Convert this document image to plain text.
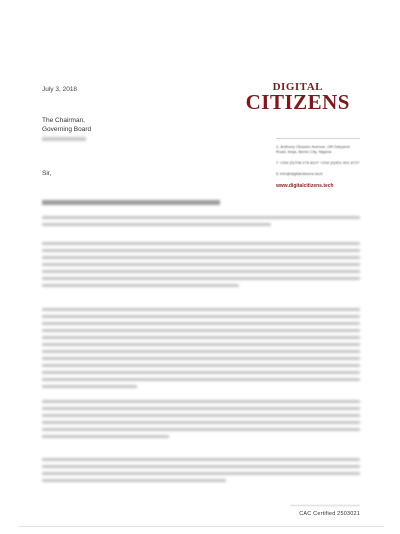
July 3, 2018
The Chairman,
Governing Board
Sir,
DIGITAL
CITIZENS
2, Anthony Oluseko Avenue, Off Odeyemi Road, Ikeja, Benin City, Nigeria
T +234 (0)708 278 8107 +234 (0)901 901 8727
E info@digitalcitizens.tech
www.digitalcitizens.tech
CAC Certified 2503021
